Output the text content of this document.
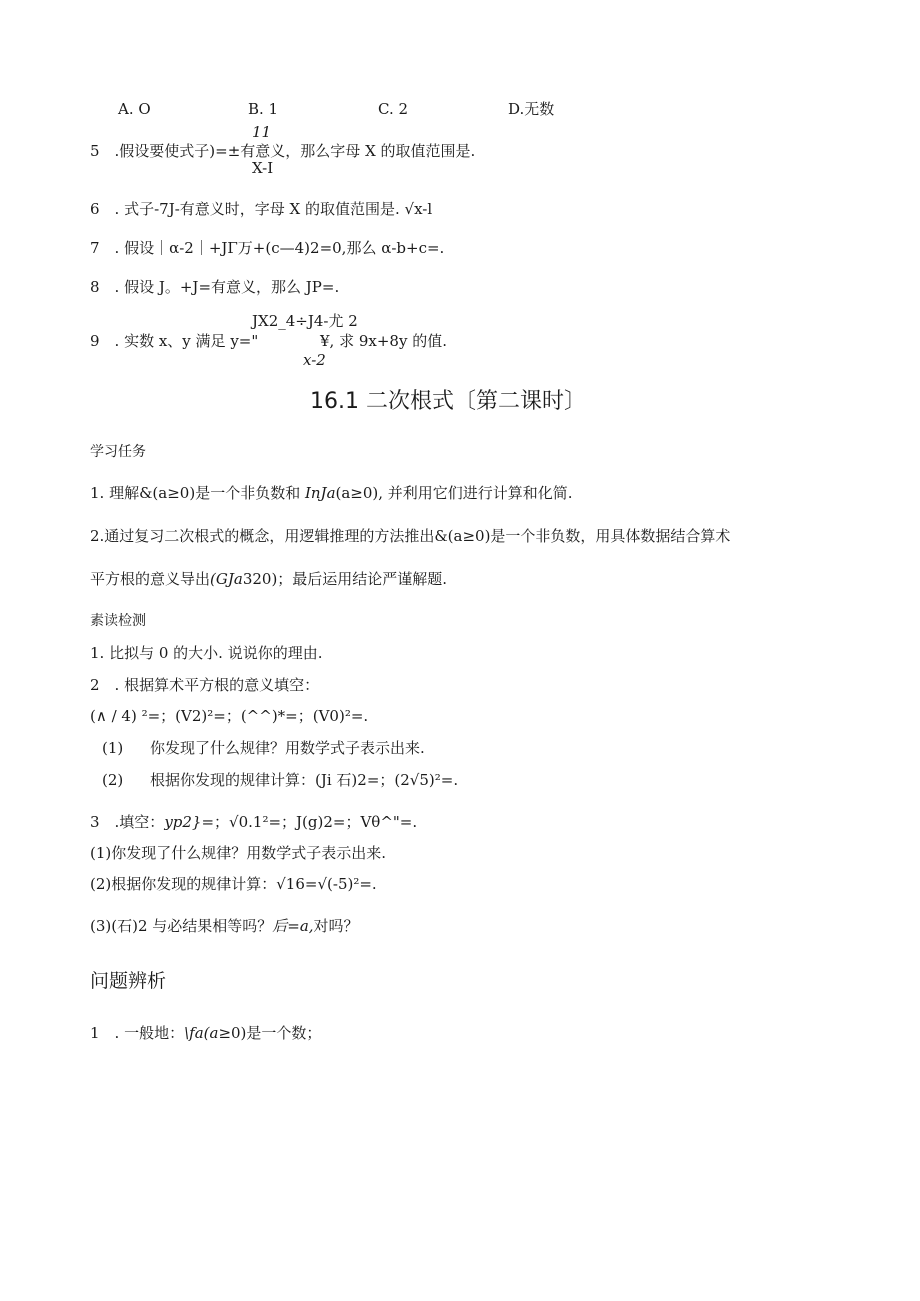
A. O	B. 1	C. 2	D.无数
11
5　.假设要使式子)=±有意义，那么字母 X 的取值范围是.
X-I
6　. 式子-7J-有意义时，字母 X 的取值范围是. √x-l
7　. 假设｜α-2｜+JΓ万+(c—4)2=0,那么 α-b+c=.
8　. 假设 J。+J=有意义，那么 JP=.
JX2_4÷J4-尤 2
9　. 实数 x、y 满足 y="	¥, 求 9x+8y 的值.
x-2
16.1 二次根式〔第二课时〕
学习任务
1. 理解&(a≥0)是一个非负数和 InJa(a≥0), 并利用它们进行计算和化简.
2.通过复习二次根式的概念，用逻辑推理的方法推出&(a≥0)是一个非负数，用具体数据结合算术
平方根的意义导出(GJa320)；最后运用结论严谨解题.
素读检测
1. 比拟与 0 的大小. 说说你的理由.
2　. 根据算术平方根的意义填空：
(∧ / 4) ²=；(V2)²=；(^^)*=；(V0)²=.
(1) 你发现了什么规律？用数学式子表示出来.
(2) 根据你发现的规律计算：(Ji 石)2=；(2√5)²=.
3　.填空：yp2}=；√0.1²=；J(g)2=；Vθ^"=.
(1)你发现了什么规律？用数学式子表示出来.
(2)根据你发现的规律计算：√16=√(-5)²=.
(3)(石)2 与必结果相等吗？后=a,对吗？
问题辨析
1　. 一般地：\fa(a≥0)是一个数；
